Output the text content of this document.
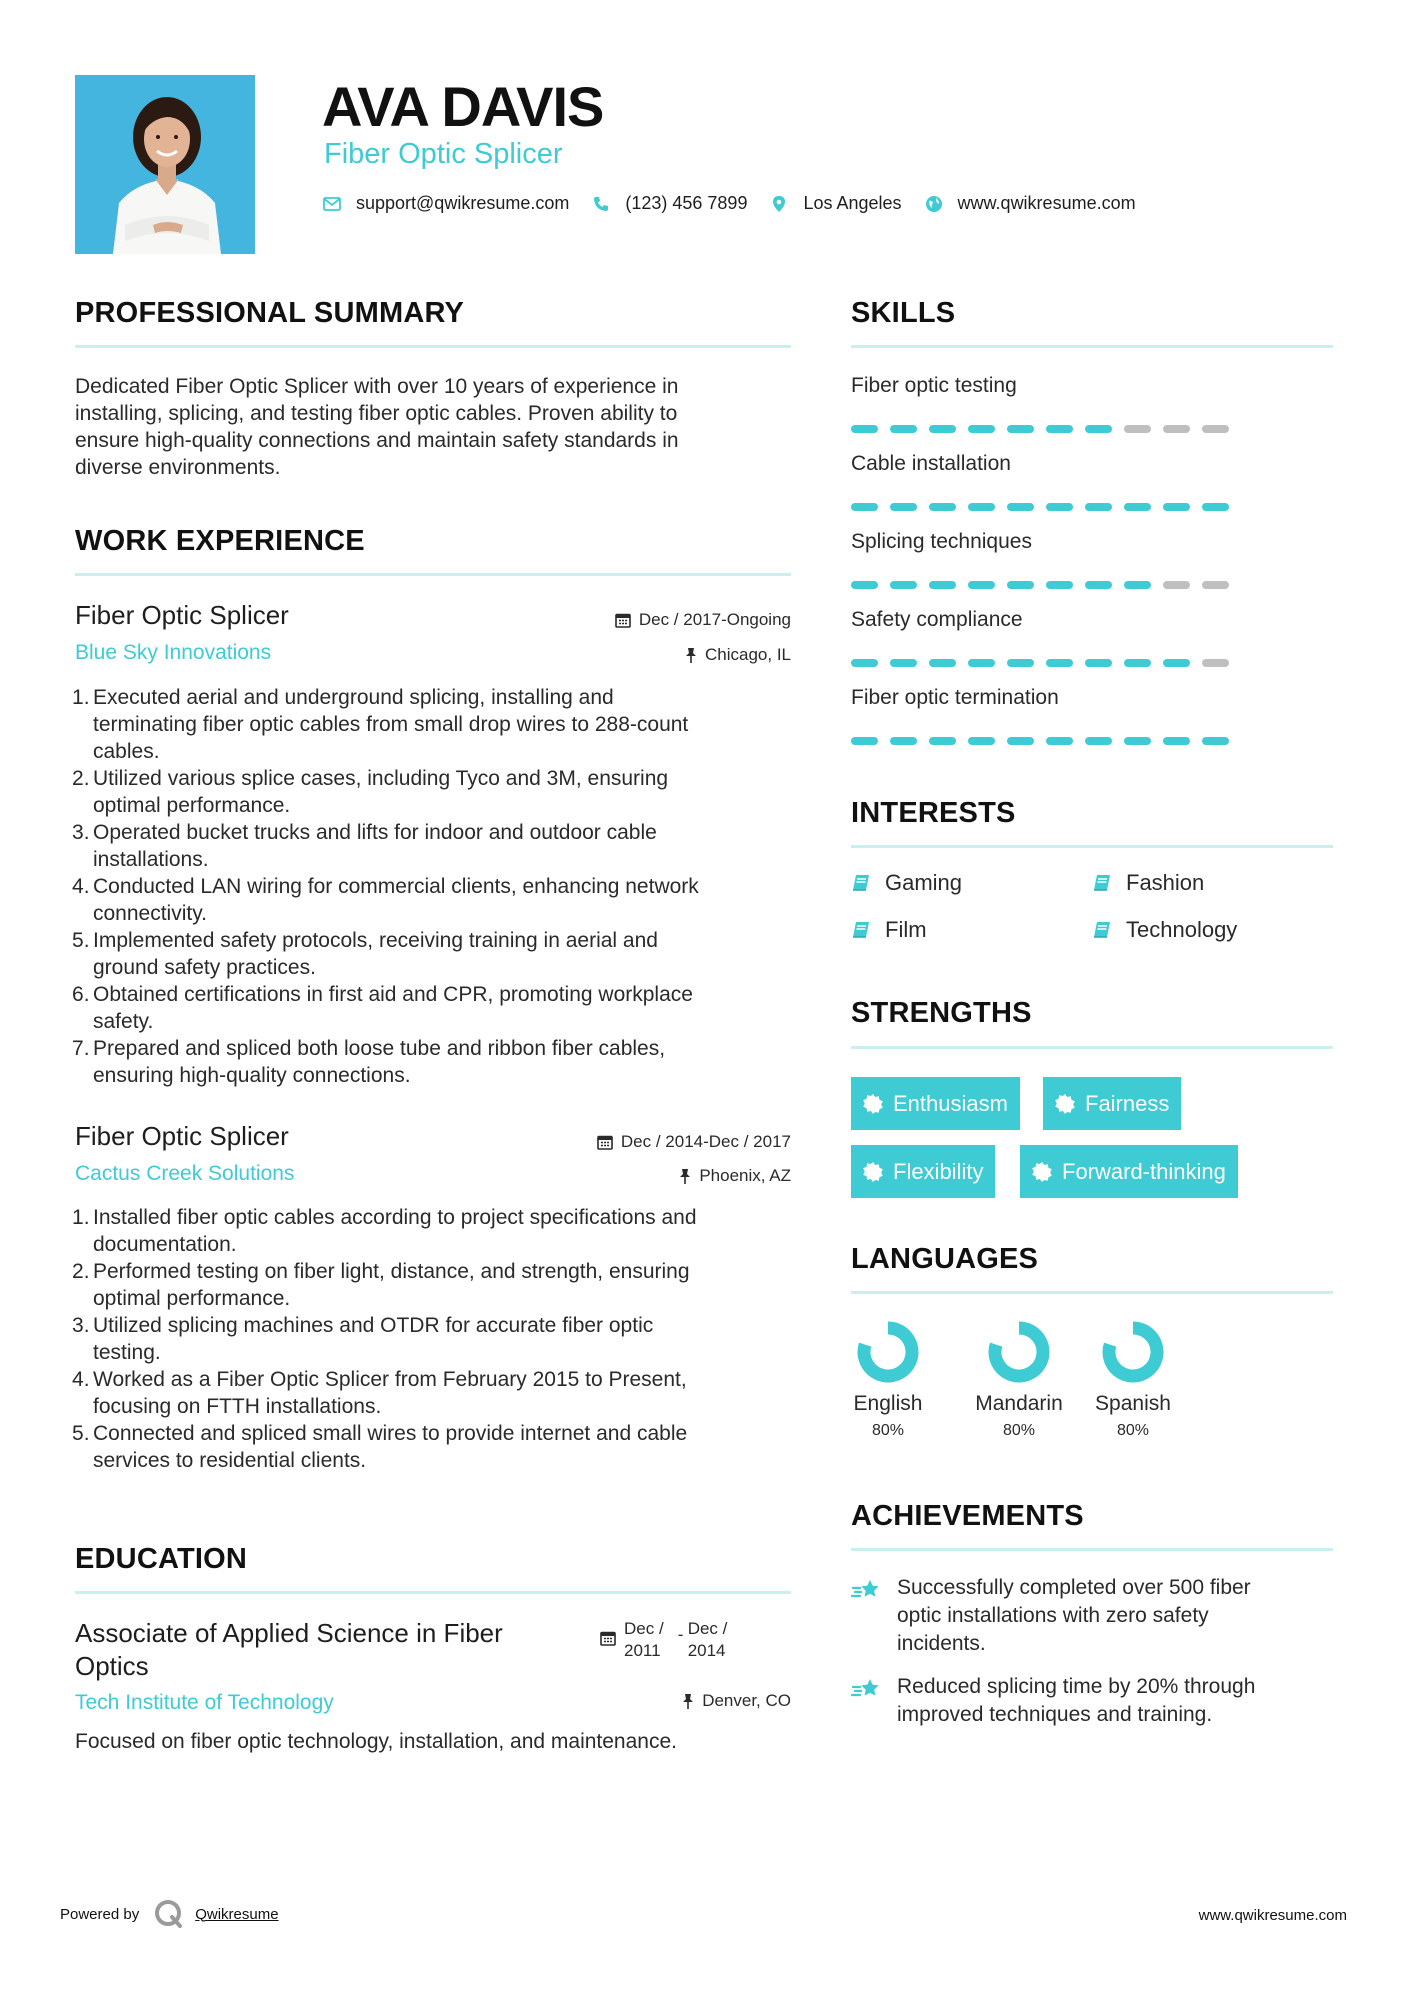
AVA DAVIS
Fiber Optic Splicer
support@qwikresume.com	(123) 456 7899	Los Angeles	www.qwikresume.com
PROFESSIONAL SUMMARY
Dedicated Fiber Optic Splicer with over 10 years of experience in
installing, splicing, and testing fiber optic cables. Proven ability to
ensure high-quality connections and maintain safety standards in
diverse environments.
WORK EXPERIENCE
Fiber Optic Splicer	Dec / 2017-Ongoing
Blue Sky Innovations	Chicago, IL
Executed aerial and underground splicing, installing and
terminating fiber optic cables from small drop wires to 288-count
cables.
Utilized various splice cases, including Tyco and 3M, ensuring
optimal performance.
Operated bucket trucks and lifts for indoor and outdoor cable
installations.
Conducted LAN wiring for commercial clients, enhancing network
connectivity.
Implemented safety protocols, receiving training in aerial and
ground safety practices.
Obtained certifications in first aid and CPR, promoting workplace
safety.
Prepared and spliced both loose tube and ribbon fiber cables,
ensuring high-quality connections.
Fiber Optic Splicer	Dec / 2014-Dec / 2017
Cactus Creek Solutions	Phoenix, AZ
Installed fiber optic cables according to project specifications and
documentation.
Performed testing on fiber light, distance, and strength, ensuring
optimal performance.
Utilized splicing machines and OTDR for accurate fiber optic
testing.
Worked as a Fiber Optic Splicer from February 2015 to Present,
focusing on FTTH installations.
Connected and spliced small wires to provide internet and cable
services to residential clients.
EDUCATION
Associate of Applied Science in Fiber
Optics
Dec /
2011
- Dec /
2014
Tech Institute of Technology	Denver, CO
Focused on fiber optic technology, installation, and maintenance.
SKILLS
Fiber optic testing
Cable installation
Splicing techniques
Safety compliance
Fiber optic termination
INTERESTS
Gaming	Fashion
Film	Technology
STRENGTHS
Enthusiasm	Fairness
Flexibility	Forward-thinking
LANGUAGES
English
80%
Mandarin
80%
Spanish
80%
ACHIEVEMENTS
Successfully completed over 500 fiber
optic installations with zero safety
incidents.
Reduced splicing time by 20% through
improved techniques and training.
Powered by	Qwikresume	www.qwikresume.com
